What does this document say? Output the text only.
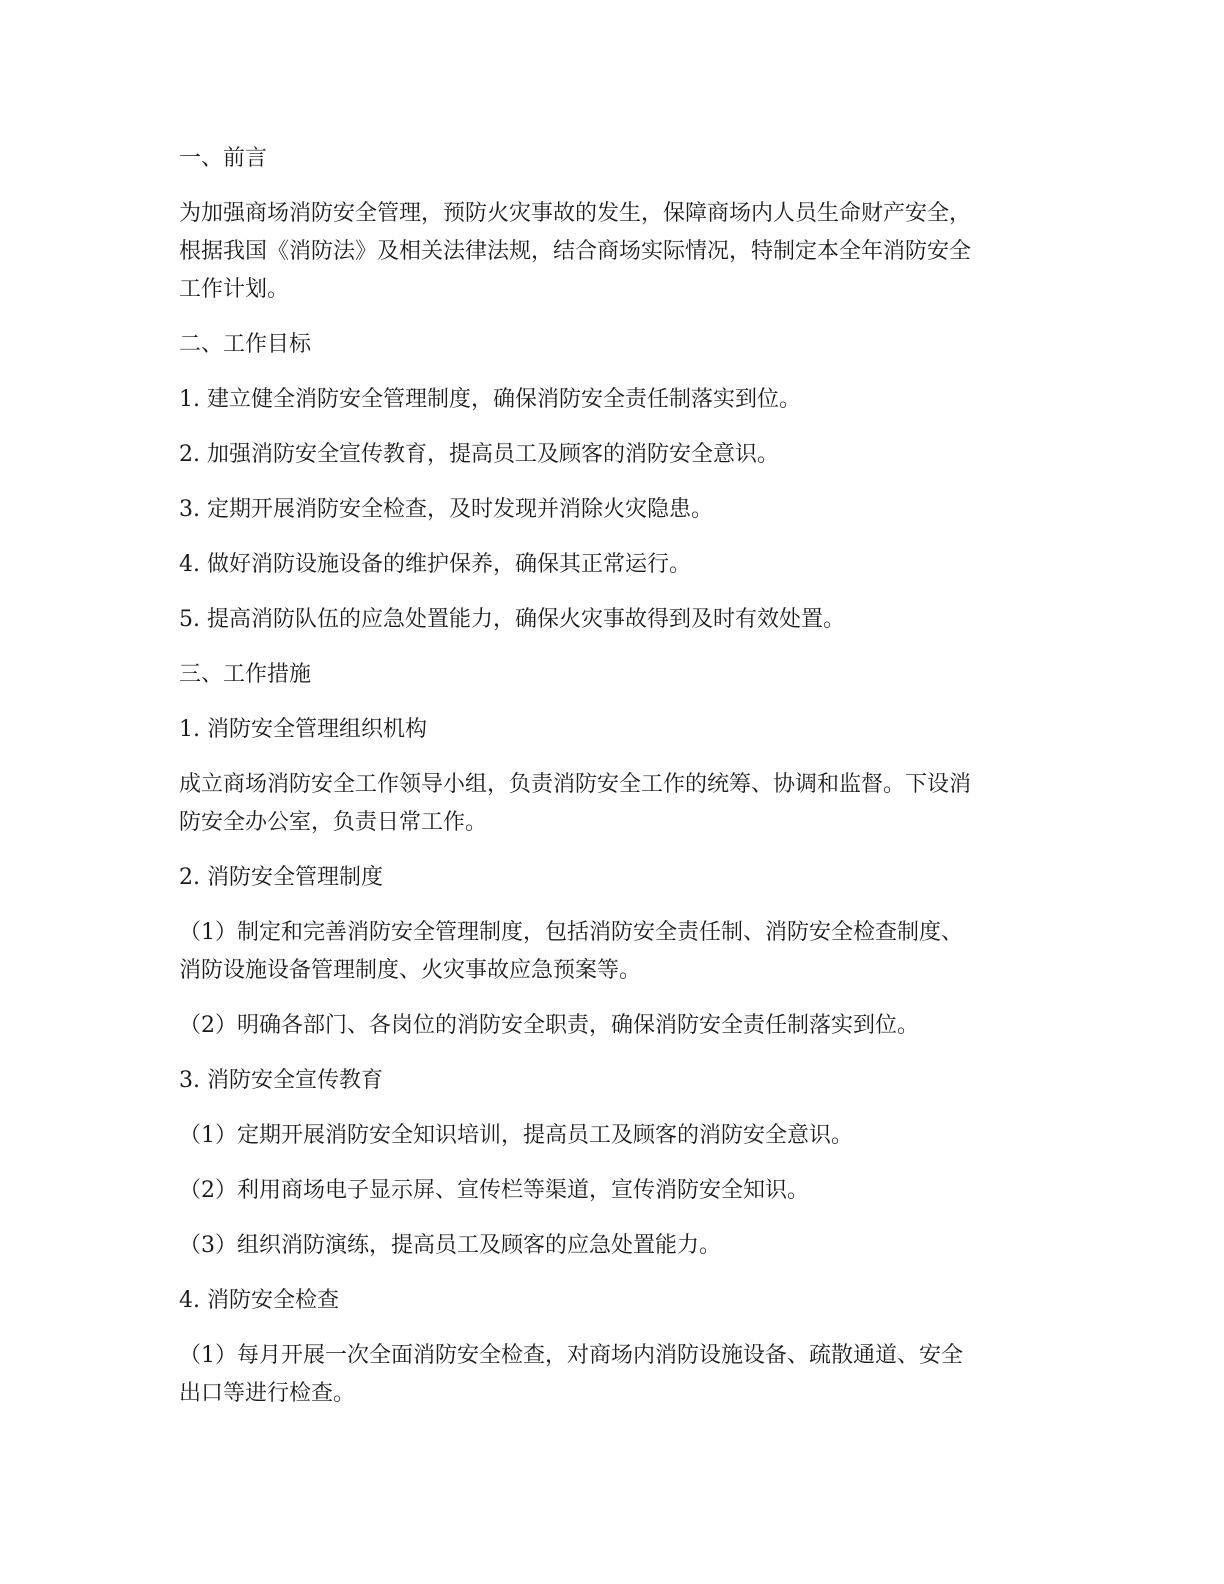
一、前言

为加强商场消防安全管理，预防火灾事故的发生，保障商场内人员生命财产安全，

根据我国《消防法》及相关法律法规，结合商场实际情况，特制定本全年消防安全

工作计划。

二、工作目标

1. 建立健全消防安全管理制度，确保消防安全责任制落实到位。

2. 加强消防安全宣传教育，提高员工及顾客的消防安全意识。

3. 定期开展消防安全检查，及时发现并消除火灾隐患。

4. 做好消防设施设备的维护保养，确保其正常运行。

5. 提高消防队伍的应急处置能力，确保火灾事故得到及时有效处置。

三、工作措施

1. 消防安全管理组织机构

成立商场消防安全工作领导小组，负责消防安全工作的统筹、协调和监督。下设消

防安全办公室，负责日常工作。

2. 消防安全管理制度

（1）制定和完善消防安全管理制度，包括消防安全责任制、消防安全检查制度、

消防设施设备管理制度、火灾事故应急预案等。

（2）明确各部门、各岗位的消防安全职责，确保消防安全责任制落实到位。

3. 消防安全宣传教育

（1）定期开展消防安全知识培训，提高员工及顾客的消防安全意识。

（2）利用商场电子显示屏、宣传栏等渠道，宣传消防安全知识。

（3）组织消防演练，提高员工及顾客的应急处置能力。

4. 消防安全检查

（1）每月开展一次全面消防安全检查，对商场内消防设施设备、疏散通道、安全

出口等进行检查。
